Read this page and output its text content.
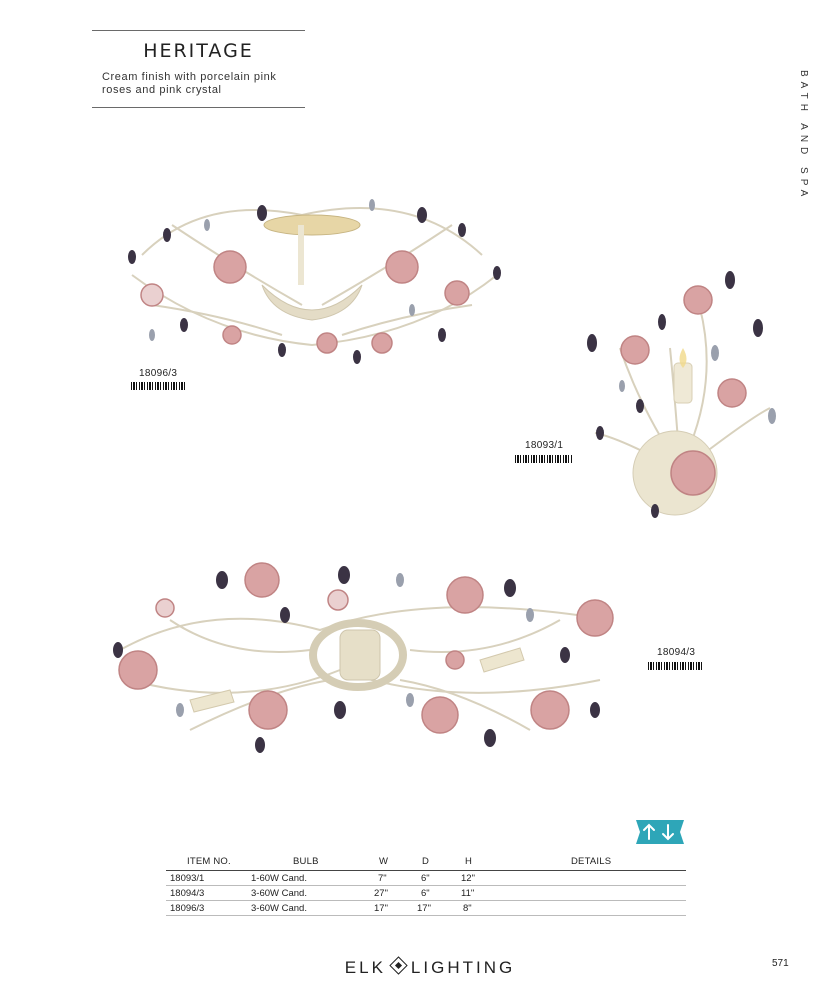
HERITAGE
Cream finish with porcelain pink
roses and pink crystal	BATH AND SPA
18096/3
18093/1
18094/3
ITEM NO.	BULB	W	D	H	DETAILS
18093/1	1-60W Cand.	7"	6"	12"
18094/3	3-60W Cand.	27"	6"	11"
18096/3	3-60W Cand.	17"	17"	8"
ELK LIGHTING	571
